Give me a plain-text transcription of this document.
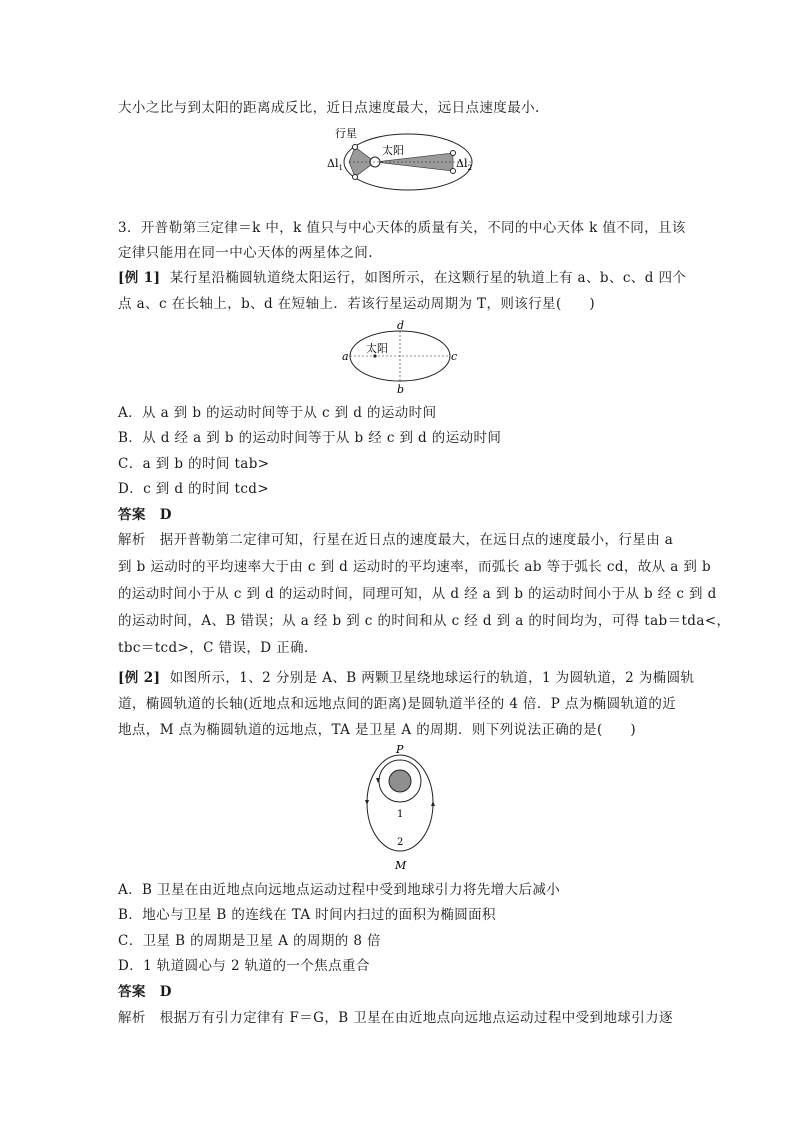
大小之比与到太阳的距离成反比，近日点速度最大，远日点速度最小.
行星
太阳
$\Delta l_1$	$\Delta l_2$
3．开普勒第三定律＝k 中，k 值只与中心天体的质量有关，不同的中心天体 k 值不同，且该
定律只能用在同一中心天体的两星体之间.
[例 1] 某行星沿椭圆轨道绕太阳运行，如图所示，在这颗行星的轨道上有 a、b、c、d 四个
点 a、c 在长轴上，b、d 在短轴上．若该行星运动周期为 T，则该行星(　　)
太阳
a	c
d
b
A．从 a 到 b 的运动时间等于从 c 到 d 的运动时间
B．从 d 经 a 到 b 的运动时间等于从 b 经 c 到 d 的运动时间
C．a 到 b 的时间 tab>
D．c 到 d 的时间 tcd>
答案　D
解析　据开普勒第二定律可知，行星在近日点的速度最大，在远日点的速度最小，行星由 a
到 b 运动时的平均速率大于由 c 到 d 运动时的平均速率，而弧长 ab 等于弧长 cd，故从 a 到 b
的运动时间小于从 c 到 d 的运动时间，同理可知，从 d 经 a 到 b 的运动时间小于从 b 经 c 到 d
的运动时间，A、B 错误；从 a 经 b 到 c 的时间和从 c 经 d 到 a 的时间均为，可得 tab＝tda<，
tbc＝tcd>，C 错误，D 正确．
[例 2] 如图所示，1、2 分别是 A、B 两颗卫星绕地球运行的轨道，1 为圆轨道，2 为椭圆轨
道，椭圆轨道的长轴(近地点和远地点间的距离)是圆轨道半径的 4 倍．P 点为椭圆轨道的近
地点，M 点为椭圆轨道的远地点，TA 是卫星 A 的周期．则下列说法正确的是(　　)
P
1
2
M
A．B 卫星在由近地点向远地点运动过程中受到地球引力将先增大后减小
B．地心与卫星 B 的连线在 TA 时间内扫过的面积为椭圆面积
C．卫星 B 的周期是卫星 A 的周期的 8 倍
D．1 轨道圆心与 2 轨道的一个焦点重合
答案　D
解析　根据万有引力定律有 F＝G，B 卫星在由近地点向远地点运动过程中受到地球引力逐
